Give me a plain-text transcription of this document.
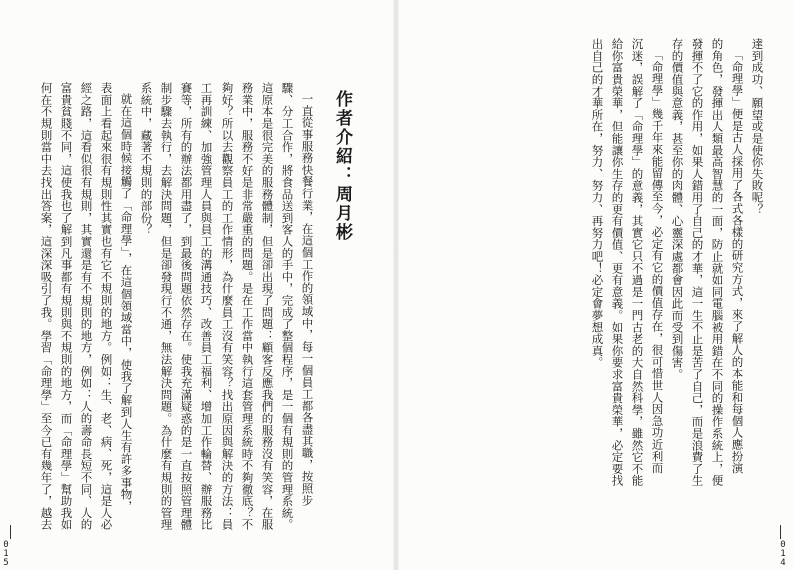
作者介紹：周月彬
一直從事服務快餐行業，在這個工作的領域中，每一個員工都各盡其職，按照步
驟、分工合作，將食品送到客人的手中，完成了整個程序，是一個有規則的管理系統。
這原本是很完美的服務體制，但是卻出現了問題：顧客反應我們的服務沒有笑容，在服
務業中，服務不好是非常嚴重的問題。是在工作當中執行這套管理系統時不夠徹底？不
夠好？所以去觀察員工的工作情形，為什麼員工沒有笑容？找出原因與解決的方法：員
工再訓練、加強管理人員與員工的溝通技巧、改善員工福利、增加工作輪替、辦服務比
賽等，所有的辦法都用盡了，到最後問題依然存在。使我充滿疑惑的是一直按照管理體
制步驟去執行，去解決問題，但是卻發現行不通，無法解決問題。為什麼有規則的管理
系統中，藏著不規則的部份？
就在這個時候接觸了「命理學」，在這個領域當中，使我了解到人生有許多事物，
表面上看起來很有規則性其實也有它不規則的地方。例如：生、老、病、死，這是人必
經之路，這看似很有規則，其實還是有不規則的地方，例如：人的壽命長短不同、人的
富貴貧賤不同，這使我也了解到凡事都有規則與不規則的地方，而「命理學」幫助我如
何在不規則當中去找出答案，這深深吸引了我。學習「命理學」至今已有幾年了，越去
015
達到成功、願望或是使你失敗呢？
「命理學」便是古人採用了各式各樣的研究方式，來了解人的本能和每個人應扮演
的角色，發揮出人類最高智慧的一面，防止就如同電腦被用錯在不同的操作系統上，便
發揮不了它的作用，如果人錯用了自己的才華，這一生不止是苦了自己，而是浪費了生
存的價值與意義，甚至你的肉體、心靈深處都會因此而受到傷害。
「命理學」幾千年來能留傳至今，必定有它的價值存在，很可惜世人因急功近利而
沉迷，誤解了「命理學」的意義，其實它只不過是一門古老的大自然科學，雖然它不能
給你富貴榮華，但能讓你生存的更有價值、更有意義。如果你要求富貴榮華，必定要找
出自己的才華所在，努力、努力、再努力吧！必定會夢想成真。
014
